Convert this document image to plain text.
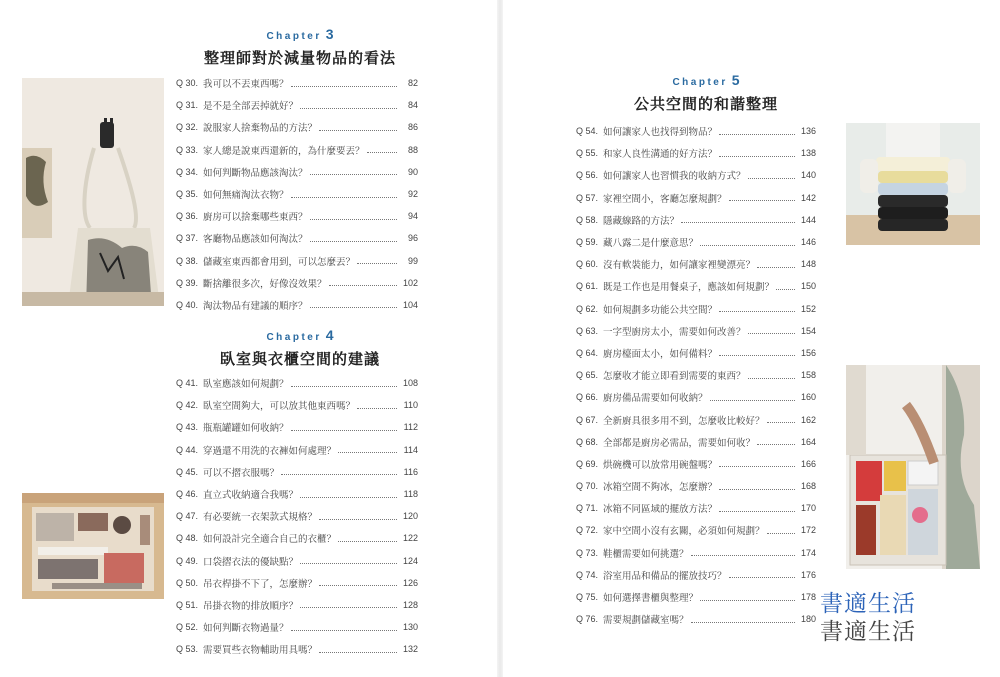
Chapter 3
整理師對於減量物品的看法
Q 30. 我可以不丟東西嗎？	82
Q 31. 是不是全部丟掉就好？	84
Q 32. 說服家人捨棄物品的方法？	86
Q 33. 家人總是說東西還新的，為什麼要丟？	88
Q 34. 如何判斷物品應該淘汰？	90
Q 35. 如何無痛淘汰衣物？	92
Q 36. 廚房可以捨棄哪些東西？	94
Q 37. 客廳物品應該如何淘汰？	96
Q 38. 儲藏室東西都會用到，可以怎麼丟？	99
Q 39. 斷捨離很多次，好像沒效果？	102
Q 40. 淘汰物品有建議的順序？	104
Chapter 4
臥室與衣櫃空間的建議
Q 41. 臥室應該如何規劃？	108
Q 42. 臥室空間夠大，可以放其他東西嗎？	110
Q 43. 瓶瓶罐罐如何收納？	112
Q 44. 穿過還不用洗的衣褲如何處理？	114
Q 45. 可以不摺衣服嗎？	116
Q 46. 直立式收納適合我嗎？	118
Q 47. 有必要統一衣架款式規格？	120
Q 48. 如何設計完全適合自己的衣櫃？	122
Q 49. 口袋摺衣法的優缺點？	124
Q 50. 吊衣桿掛不下了，怎麼辦？	126
Q 51. 吊掛衣物的排放順序？	128
Q 52. 如何判斷衣物過量？	130
Q 53. 需要買些衣物輔助用具嗎？	132
Chapter 5
公共空間的和諧整理
Q 54. 如何讓家人也找得到物品？	136
Q 55. 和家人良性溝通的好方法？	138
Q 56. 如何讓家人也習慣我的收納方式？	140
Q 57. 家裡空間小，客廳怎麼規劃？	142
Q 58. 隱藏線路的方法？	144
Q 59. 藏八露二是什麼意思？	146
Q 60. 沒有軟裝能力，如何讓家裡變漂亮？	148
Q 61. 既是工作也是用餐桌子，應該如何規劃？	150
Q 62. 如何規劃多功能公共空間？	152
Q 63. 一字型廚房太小，需要如何改善？	154
Q 64. 廚房檯面太小，如何備料？	156
Q 65. 怎麼收才能立即看到需要的東西？	158
Q 66. 廚房備品需要如何收納？	160
Q 67. 全新廚具很多用不到，怎麼收比較好？	162
Q 68. 全部都是廚房必需品，需要如何收？	164
Q 69. 烘碗機可以放常用碗盤嗎？	166
Q 70. 冰箱空間不夠冰，怎麼辦？	168
Q 71. 冰箱不同區域的擺放方法？	170
Q 72. 家中空間小沒有玄關，必須如何規劃？	172
Q 73. 鞋櫃需要如何挑選？	174
Q 74. 浴室用品和備品的擺放技巧？	176
Q 75. 如何選擇書櫃與整理？	178
Q 76. 需要規劃儲藏室嗎？	180
書適生活
書適生活
